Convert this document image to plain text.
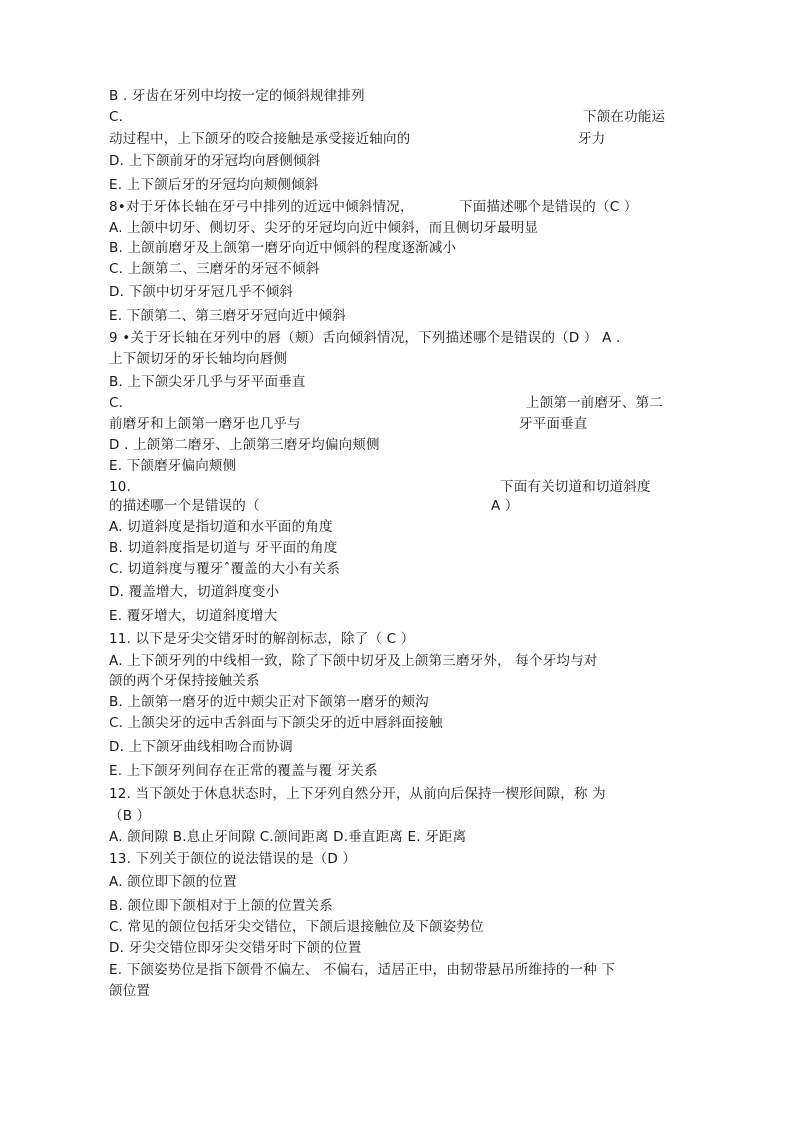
B . 牙齿在牙列中均按一定的倾斜规律排列
C.	下颌在功能运
动过程中，上下颌牙的咬合接触是承受接近轴向的	牙力
D. 上下颌前牙的牙冠均向唇侧倾斜
E. 上下颌后牙的牙冠均向颊侧倾斜
8•对于牙体长轴在牙弓中排列的近远中倾斜情况，	下面描述哪个是错误的（C ）
A. 上颌中切牙、侧切牙、尖牙的牙冠均向近中倾斜，而且侧切牙最明显
B. 上颌前磨牙及上颌第一磨牙向近中倾斜的程度逐渐减小
C. 上颌第二、三磨牙的牙冠不倾斜
D. 下颌中切牙牙冠几乎不倾斜
E. 下颌第二、第三磨牙牙冠向近中倾斜
9 •关于牙长轴在牙列中的唇（颊）舌向倾斜情况，下列描述哪个是错误的（D ） A .
上下颌切牙的牙长轴均向唇侧
B. 上下颌尖牙几乎与牙平面垂直
C.	上颌第一前磨牙、第二
前磨牙和上颌第一磨牙也几乎与	牙平面垂直
D . 上颌第二磨牙、上颌第三磨牙均偏向颊侧
E. 下颌磨牙偏向颊侧
10.	下面有关切道和切道斜度
的描述哪一个是错误的（	A ）
A. 切道斜度是指切道和水平面的角度
B. 切道斜度指是切道与 牙平面的角度
C. 切道斜度与覆牙ˆ覆盖的大小有关系
D. 覆盖增大，切道斜度变小
E. 覆牙增大，切道斜度增大
11. 以下是牙尖交错牙时的解剖标志，除了（ C ）
A. 上下颌牙列的中线相一致，除了下颌中切牙及上颌第三磨牙外， 每个牙均与对
颌的两个牙保持接触关系
B. 上颌第一磨牙的近中颊尖正对下颌第一磨牙的颊沟
C. 上颌尖牙的远中舌斜面与下颌尖牙的近中唇斜面接触
D. 上下颌牙曲线相吻合而协调
E. 上下颌牙列间存在正常的覆盖与覆 牙关系
12. 当下颌处于休息状态时，上下牙列自然分开，从前向后保持一楔形间隙，称 为
（B ）
A. 颌间隙 B.息止牙间隙 C.颌间距离 D.垂直距离 E. 牙距离
13. 下列关于颌位的说法错误的是（D ）
A. 颌位即下颌的位置
B. 颌位即下颌相对于上颌的位置关系
C. 常见的颌位包括牙尖交错位，下颌后退接触位及下颌姿势位
D. 牙尖交错位即牙尖交错牙时下颌的位置
E. 下颌姿势位是指下颌骨不偏左、 不偏右，适居正中，由韧带悬吊所维持的一种 下
颌位置
